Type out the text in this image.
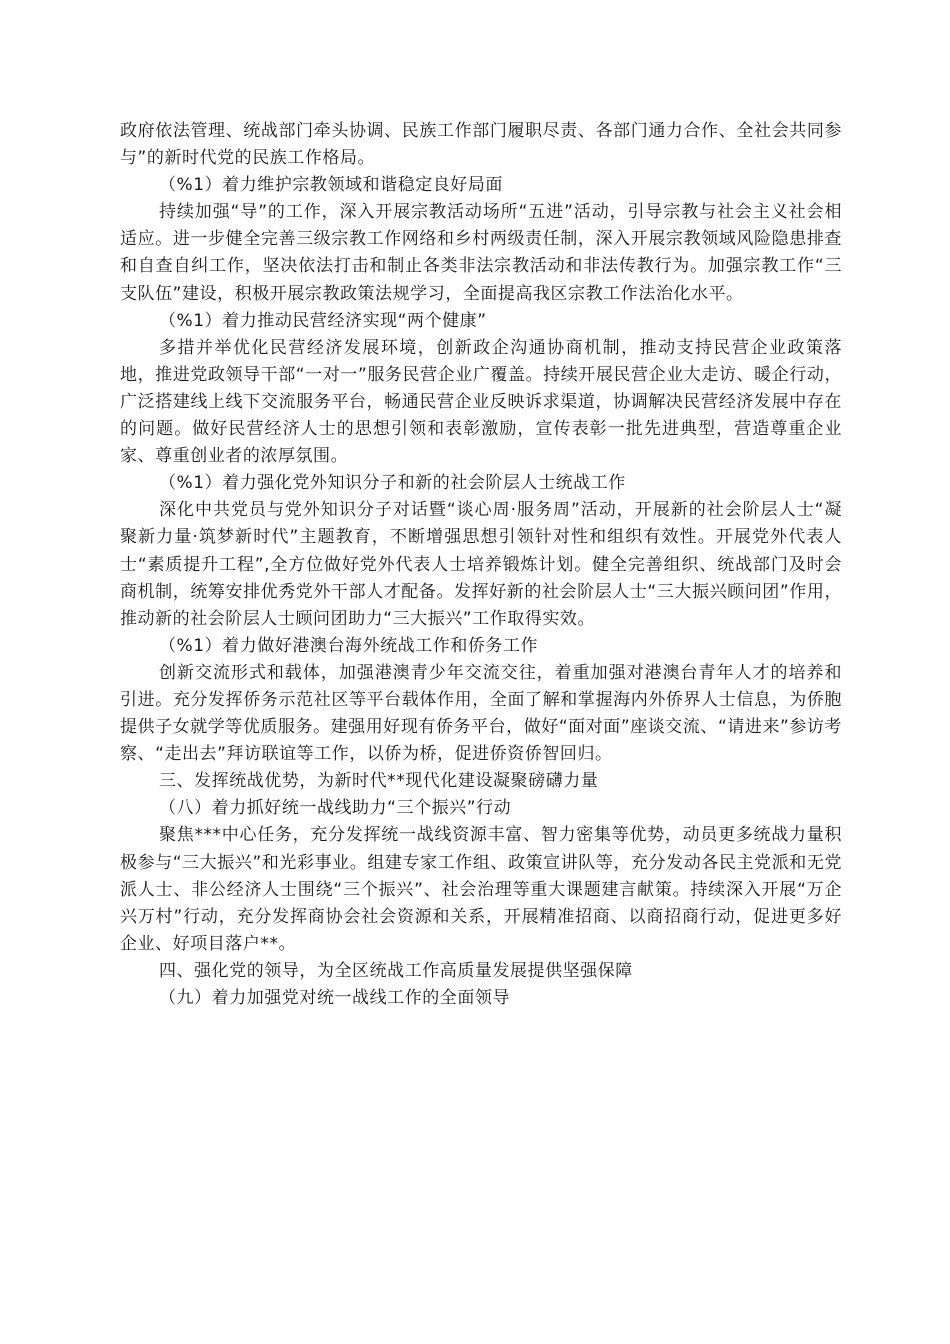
政府依法管理、统战部门牵头协调、民族工作部门履职尽责、各部门通力合作、全社会共同参与”的新时代党的民族工作格局。

（%1）着力维护宗教领域和谐稳定良好局面

持续加强“导”的工作，深入开展宗教活动场所“五进”活动，引导宗教与社会主义社会相适应。进一步健全完善三级宗教工作网络和乡村两级责任制，深入开展宗教领域风险隐患排查和自查自纠工作，坚决依法打击和制止各类非法宗教活动和非法传教行为。加强宗教工作“三支队伍”建设，积极开展宗教政策法规学习，全面提高我区宗教工作法治化水平。

（%1）着力推动民营经济实现“两个健康”

多措并举优化民营经济发展环境，创新政企沟通协商机制，推动支持民营企业政策落地，推进党政领导干部“一对一”服务民营企业广覆盖。持续开展民营企业大走访、暖企行动，广泛搭建线上线下交流服务平台，畅通民营企业反映诉求渠道，协调解决民营经济发展中存在的问题。做好民营经济人士的思想引领和表彰激励，宣传表彰一批先进典型，营造尊重企业家、尊重创业者的浓厚氛围。

（%1）着力强化党外知识分子和新的社会阶层人士统战工作

深化中共党员与党外知识分子对话暨“谈心周·服务周”活动，开展新的社会阶层人士“凝聚新力量·筑梦新时代”主题教育，不断增强思想引领针对性和组织有效性。开展党外代表人士“素质提升工程”,全方位做好党外代表人士培养锻炼计划。健全完善组织、统战部门及时会商机制，统筹安排优秀党外干部人才配备。发挥好新的社会阶层人士“三大振兴顾问团”作用，推动新的社会阶层人士顾问团助力“三大振兴”工作取得实效。

（%1）着力做好港澳台海外统战工作和侨务工作

创新交流形式和载体，加强港澳青少年交流交往，着重加强对港澳台青年人才的培养和引进。充分发挥侨务示范社区等平台载体作用，全面了解和掌握海内外侨界人士信息，为侨胞提供子女就学等优质服务。建强用好现有侨务平台，做好“面对面”座谈交流、“请进来”参访考察、“走出去”拜访联谊等工作，以侨为桥，促进侨资侨智回归。

三、发挥统战优势，为新时代**现代化建设凝聚磅礴力量

（八）着力抓好统一战线助力“三个振兴”行动

聚焦***中心任务，充分发挥统一战线资源丰富、智力密集等优势，动员更多统战力量积极参与“三大振兴”和光彩事业。组建专家工作组、政策宣讲队等，充分发动各民主党派和无党派人士、非公经济人士围绕“三个振兴”、社会治理等重大课题建言献策。持续深入开展“万企兴万村”行动，充分发挥商协会社会资源和关系，开展精准招商、以商招商行动，促进更多好企业、好项目落户**。

四、强化党的领导，为全区统战工作高质量发展提供坚强保障

（九）着力加强党对统一战线工作的全面领导
